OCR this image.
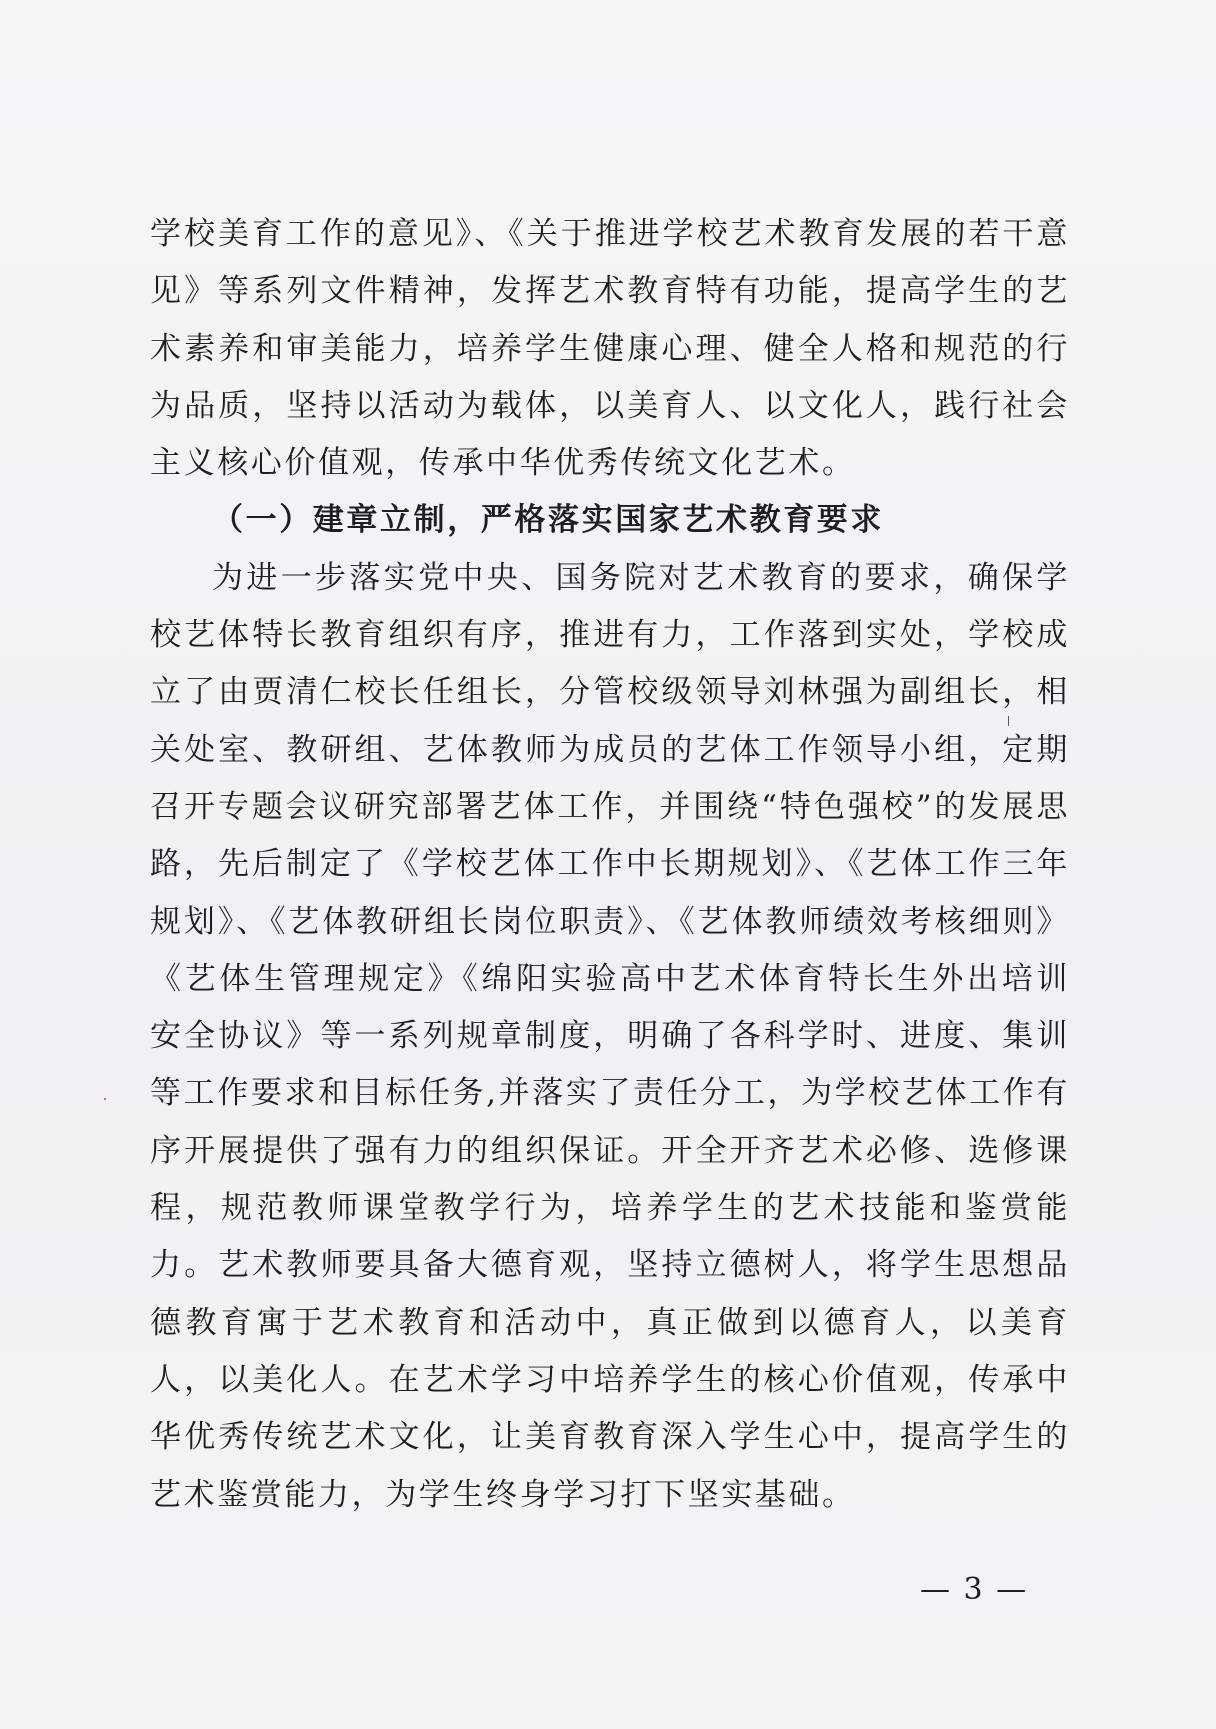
学校美育工作的意见》、《关于推进学校艺术教育发展的若干意见》等系列文件精神，发挥艺术教育特有功能，提高学生的艺术素养和审美能力，培养学生健康心理、健全人格和规范的行为品质，坚持以活动为载体，以美育人、以文化人，践行社会主义核心价值观，传承中华优秀传统文化艺术。

（一）建章立制，严格落实国家艺术教育要求

为进一步落实党中央、国务院对艺术教育的要求，确保学校艺体特长教育组织有序，推进有力，工作落到实处，学校成立了由贾清仁校长任组长，分管校级领导刘林强为副组长，相关处室、教研组、艺体教师为成员的艺体工作领导小组，定期召开专题会议研究部署艺体工作，并围绕“特色强校”的发展思路，先后制定了《学校艺体工作中长期规划》、《艺体工作三年规划》、《艺体教研组长岗位职责》、《艺体教师绩效考核细则》《艺体生管理规定》《绵阳实验高中艺术体育特长生外出培训安全协议》等一系列规章制度，明确了各科学时、进度、集训等工作要求和目标任务,并落实了责任分工，为学校艺体工作有序开展提供了强有力的组织保证。开全开齐艺术必修、选修课程，规范教师课堂教学行为，培养学生的艺术技能和鉴赏能力。艺术教师要具备大德育观，坚持立德树人，将学生思想品德教育寓于艺术教育和活动中，真正做到以德育人，以美育人，以美化人。在艺术学习中培养学生的核心价值观，传承中华优秀传统艺术文化，让美育教育深入学生心中，提高学生的艺术鉴赏能力，为学生终身学习打下坚实基础。

— 3 —
